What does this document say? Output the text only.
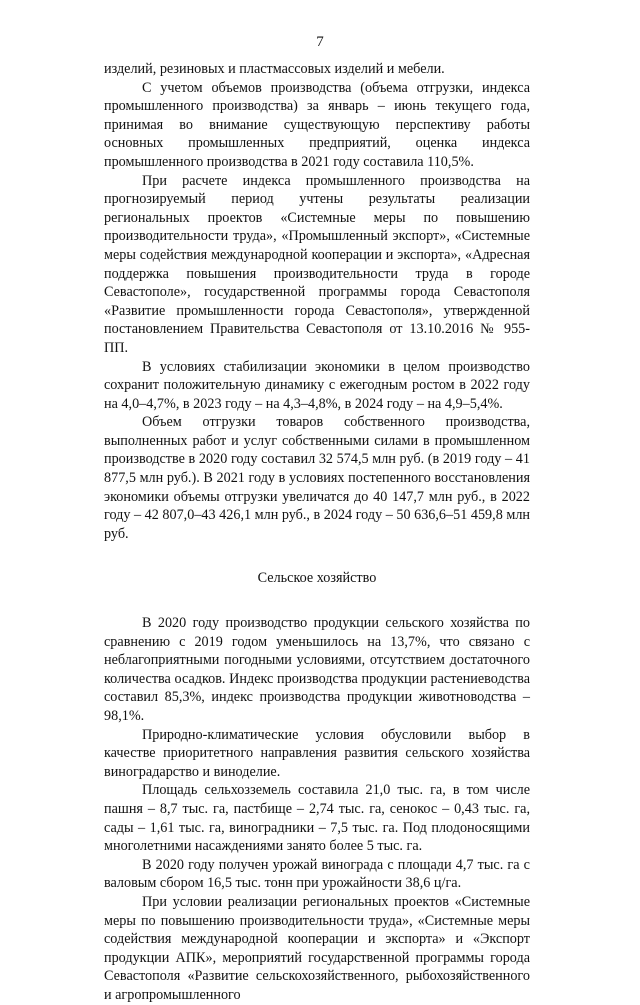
7

изделий, резиновых и пластмассовых изделий и мебели.

С учетом объемов производства (объема отгрузки, индекса промышленного производства) за январь – июнь текущего года, принимая во внимание существующую перспективу работы основных промышленных предприятий, оценка индекса промышленного производства в 2021 году составила 110,5%.

При расчете индекса промышленного производства на прогнозируемый период учтены результаты реализации региональных проектов «Системные меры по повышению производительности труда», «Промышленный экспорт», «Системные меры содействия международной кооперации и экспорта», «Адресная поддержка повышения производительности труда в городе Севастополе», государственной программы города Севастополя «Развитие промышленности города Севастополя», утвержденной постановлением Правительства Севастополя от 13.10.2016 № 955-ПП.

В условиях стабилизации экономики в целом производство сохранит положительную динамику с ежегодным ростом в 2022 году на 4,0–4,7%, в 2023 году – на 4,3–4,8%, в 2024 году – на 4,9–5,4%.

Объем отгрузки товаров собственного производства, выполненных работ и услуг собственными силами в промышленном производстве в 2020 году составил 32 574,5 млн руб. (в 2019 году – 41 877,5 млн руб.). В 2021 году в условиях постепенного восстановления экономики объемы отгрузки увеличатся до 40 147,7 млн руб., в 2022 году – 42 807,0–43 426,1 млн руб., в 2024 году – 50 636,6–51 459,8 млн руб.

Сельское хозяйство

В 2020 году производство продукции сельского хозяйства по сравнению с 2019 годом уменьшилось на 13,7%, что связано с неблагоприятными погодными условиями, отсутствием достаточного количества осадков. Индекс производства продукции растениеводства составил 85,3%, индекс производства продукции животноводства – 98,1%.

Природно-климатические условия обусловили выбор в качестве приоритетного направления развития сельского хозяйства виноградарство и виноделие.

Площадь сельхозземель составила 21,0 тыс. га, в том числе пашня – 8,7 тыс. га, пастбище – 2,74 тыс. га, сенокос – 0,43 тыс. га, сады – 1,61 тыс. га, виноградники – 7,5 тыс. га. Под плодоносящими многолетними насаждениями занято более 5 тыс. га.

В 2020 году получен урожай винограда с площади 4,7 тыс. га с валовым сбором 16,5 тыс. тонн при урожайности 38,6 ц/га.

При условии реализации региональных проектов «Системные меры по повышению производительности труда», «Системные меры содействия международной кооперации и экспорта» и «Экспорт продукции АПК», мероприятий государственной программы города Севастополя «Развитие сельскохозяйственного, рыбохозяйственного и агропромышленного
